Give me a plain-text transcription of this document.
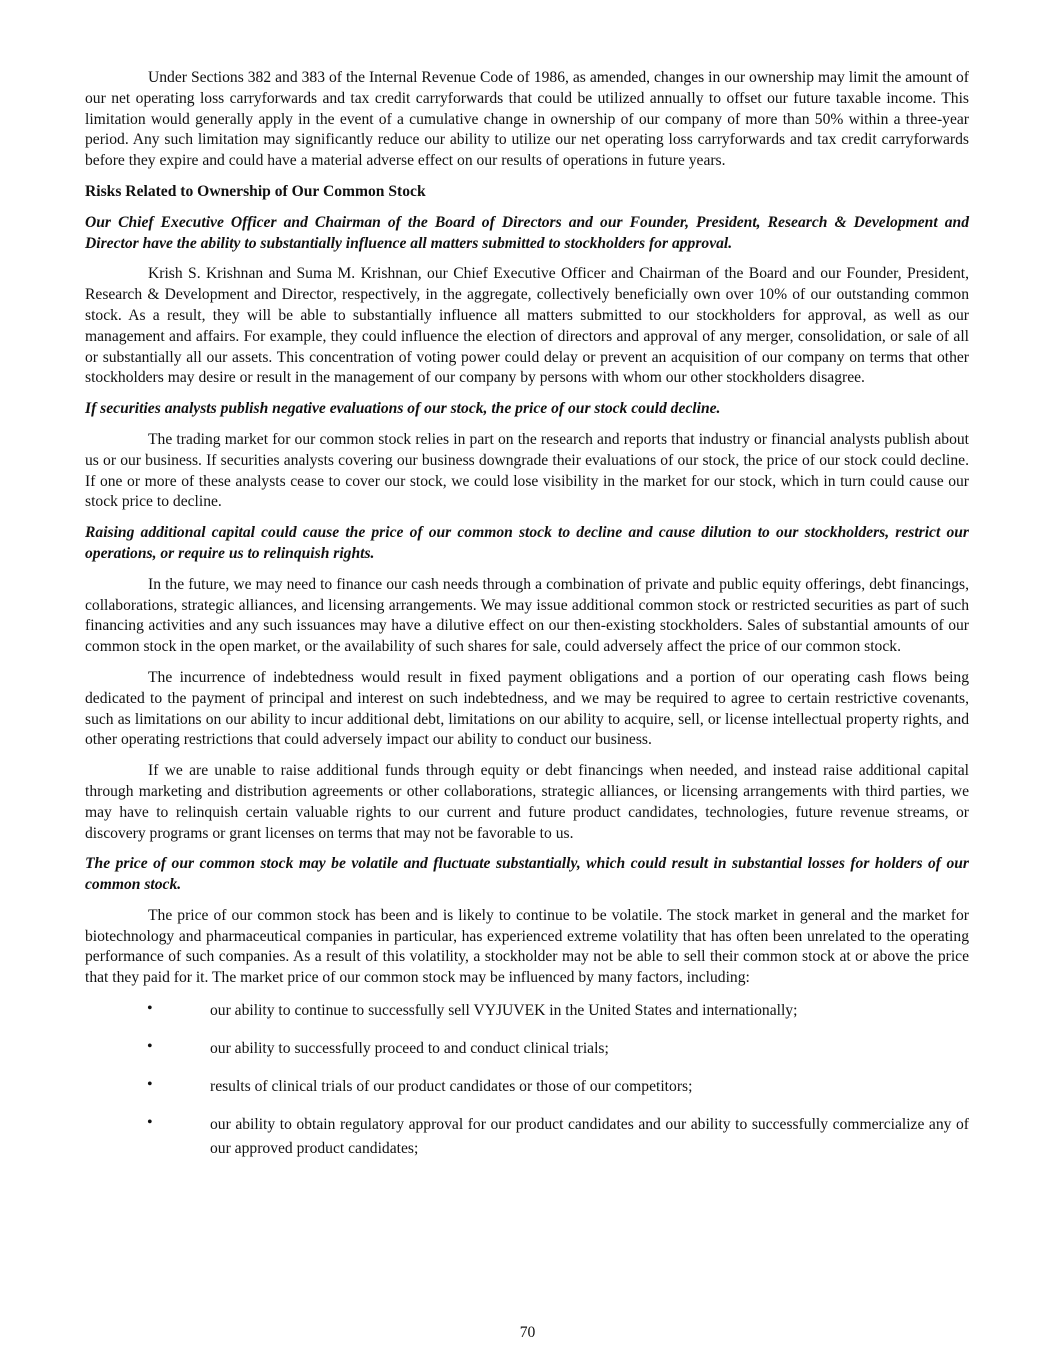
Under Sections 382 and 383 of the Internal Revenue Code of 1986, as amended, changes in our ownership may limit the amount of our net operating loss carryforwards and tax credit carryforwards that could be utilized annually to offset our future taxable income. This limitation would generally apply in the event of a cumulative change in ownership of our company of more than 50% within a three-year period. Any such limitation may significantly reduce our ability to utilize our net operating loss carryforwards and tax credit carryforwards before they expire and could have a material adverse effect on our results of operations in future years.

Risks Related to Ownership of Our Common Stock
Our Chief Executive Officer and Chairman of the Board of Directors and our Founder, President, Research & Development and Director have the ability to substantially influence all matters submitted to stockholders for approval.

Krish S. Krishnan and Suma M. Krishnan, our Chief Executive Officer and Chairman of the Board and our Founder, President, Research & Development and Director, respectively, in the aggregate, collectively beneficially own over 10% of our outstanding common stock. As a result, they will be able to substantially influence all matters submitted to our stockholders for approval, as well as our management and affairs. For example, they could influence the election of directors and approval of any merger, consolidation, or sale of all or substantially all our assets. This concentration of voting power could delay or prevent an acquisition of our company on terms that other stockholders may desire or result in the management of our company by persons with whom our other stockholders disagree.

If securities analysts publish negative evaluations of our stock, the price of our stock could decline.

The trading market for our common stock relies in part on the research and reports that industry or financial analysts publish about us or our business. If securities analysts covering our business downgrade their evaluations of our stock, the price of our stock could decline. If one or more of these analysts cease to cover our stock, we could lose visibility in the market for our stock, which in turn could cause our stock price to decline.

Raising additional capital could cause the price of our common stock to decline and cause dilution to our stockholders, restrict our operations, or require us to relinquish rights.

In the future, we may need to finance our cash needs through a combination of private and public equity offerings, debt financings, collaborations, strategic alliances, and licensing arrangements. We may issue additional common stock or restricted securities as part of such financing activities and any such issuances may have a dilutive effect on our then-existing stockholders. Sales of substantial amounts of our common stock in the open market, or the availability of such shares for sale, could adversely affect the price of our common stock.

The incurrence of indebtedness would result in fixed payment obligations and a portion of our operating cash flows being dedicated to the payment of principal and interest on such indebtedness, and we may be required to agree to certain restrictive covenants, such as limitations on our ability to incur additional debt, limitations on our ability to acquire, sell, or license intellectual property rights, and other operating restrictions that could adversely impact our ability to conduct our business.

If we are unable to raise additional funds through equity or debt financings when needed, and instead raise additional capital through marketing and distribution agreements or other collaborations, strategic alliances, or licensing arrangements with third parties, we may have to relinquish certain valuable rights to our current and future product candidates, technologies, future revenue streams, or discovery programs or grant licenses on terms that may not be favorable to us.

The price of our common stock may be volatile and fluctuate substantially, which could result in substantial losses for holders of our common stock.

The price of our common stock has been and is likely to continue to be volatile. The stock market in general and the market for biotechnology and pharmaceutical companies in particular, has experienced extreme volatility that has often been unrelated to the operating performance of such companies. As a result of this volatility, a stockholder may not be able to sell their common stock at or above the price that they paid for it. The market price of our common stock may be influenced by many factors, including:

•	our ability to continue to successfully sell VYJUVEK in the United States and internationally;
•	our ability to successfully proceed to and conduct clinical trials;
•	results of clinical trials of our product candidates or those of our competitors;
•	our ability to obtain regulatory approval for our product candidates and our ability to successfully commercialize any of our approved product candidates;
70
